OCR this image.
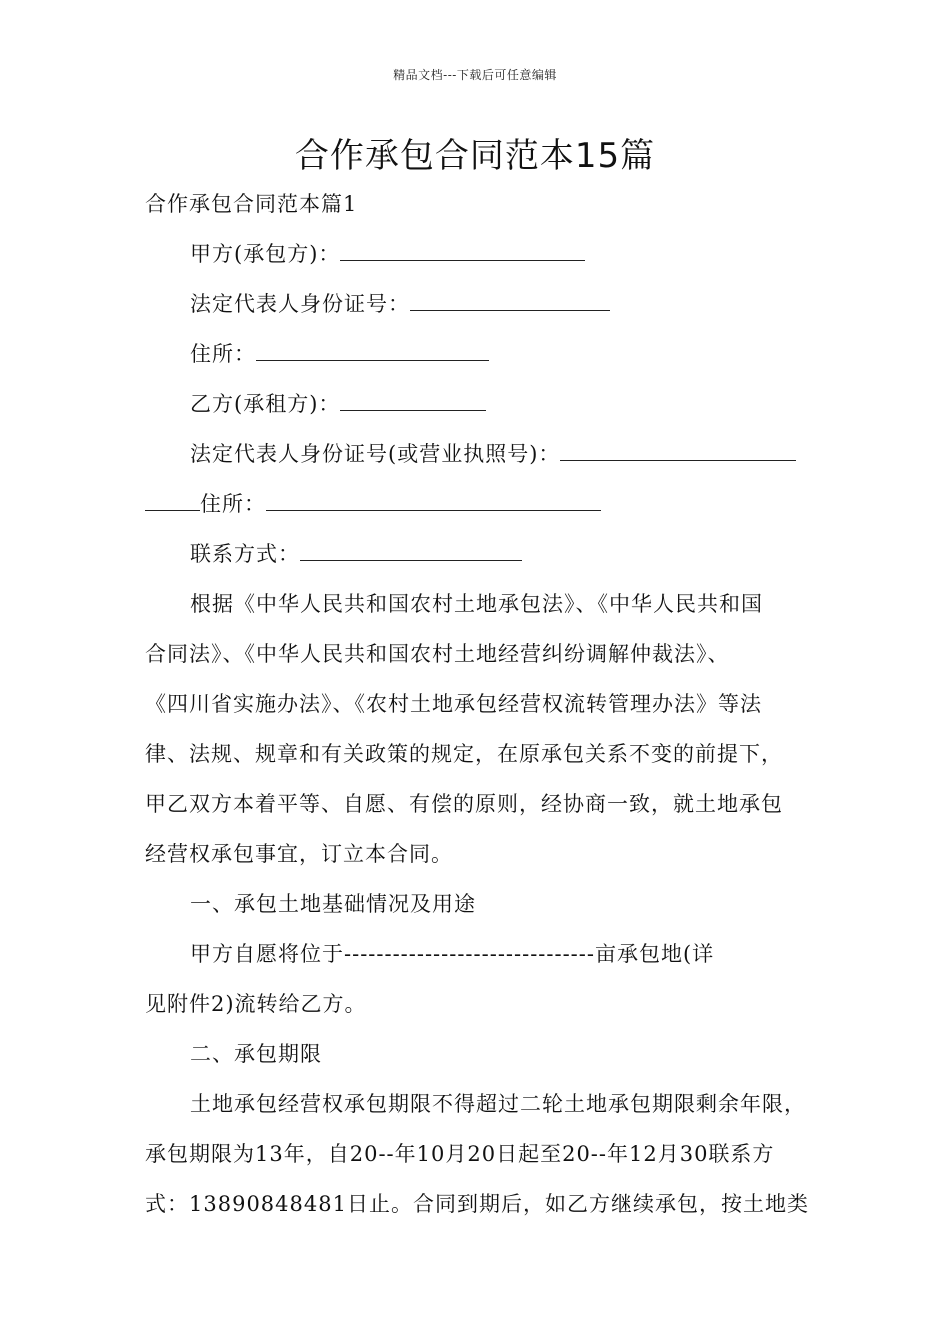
精品文档---下载后可任意编辑
合作承包合同范本15篇
合作承包合同范本篇1
甲方(承包方)：
法定代表人身份证号：
住所：
乙方(承租方)：
法定代表人身份证号(或营业执照号)：
住所：
联系方式：
根据《中华人民共和国农村土地承包法》、《中华人民共和国
合同法》、《中华人民共和国农村土地经营纠纷调解仲裁法》、
《四川省实施办法》、《农村土地承包经营权流转管理办法》等法
律、法规、规章和有关政策的规定，在原承包关系不变的前提下，
甲乙双方本着平等、自愿、有偿的原则，经协商一致，就土地承包
经营权承包事宜，订立本合同。
一、承包土地基础情况及用途
甲方自愿将位于-------------------------------亩承包地(详
见附件2)流转给乙方。
二、承包期限
土地承包经营权承包期限不得超过二轮土地承包期限剩余年限，
承包期限为13年，自20--年10月20日起至20--年12月30联系方
式：13890848481日止。合同到期后，如乙方继续承包，按土地类
